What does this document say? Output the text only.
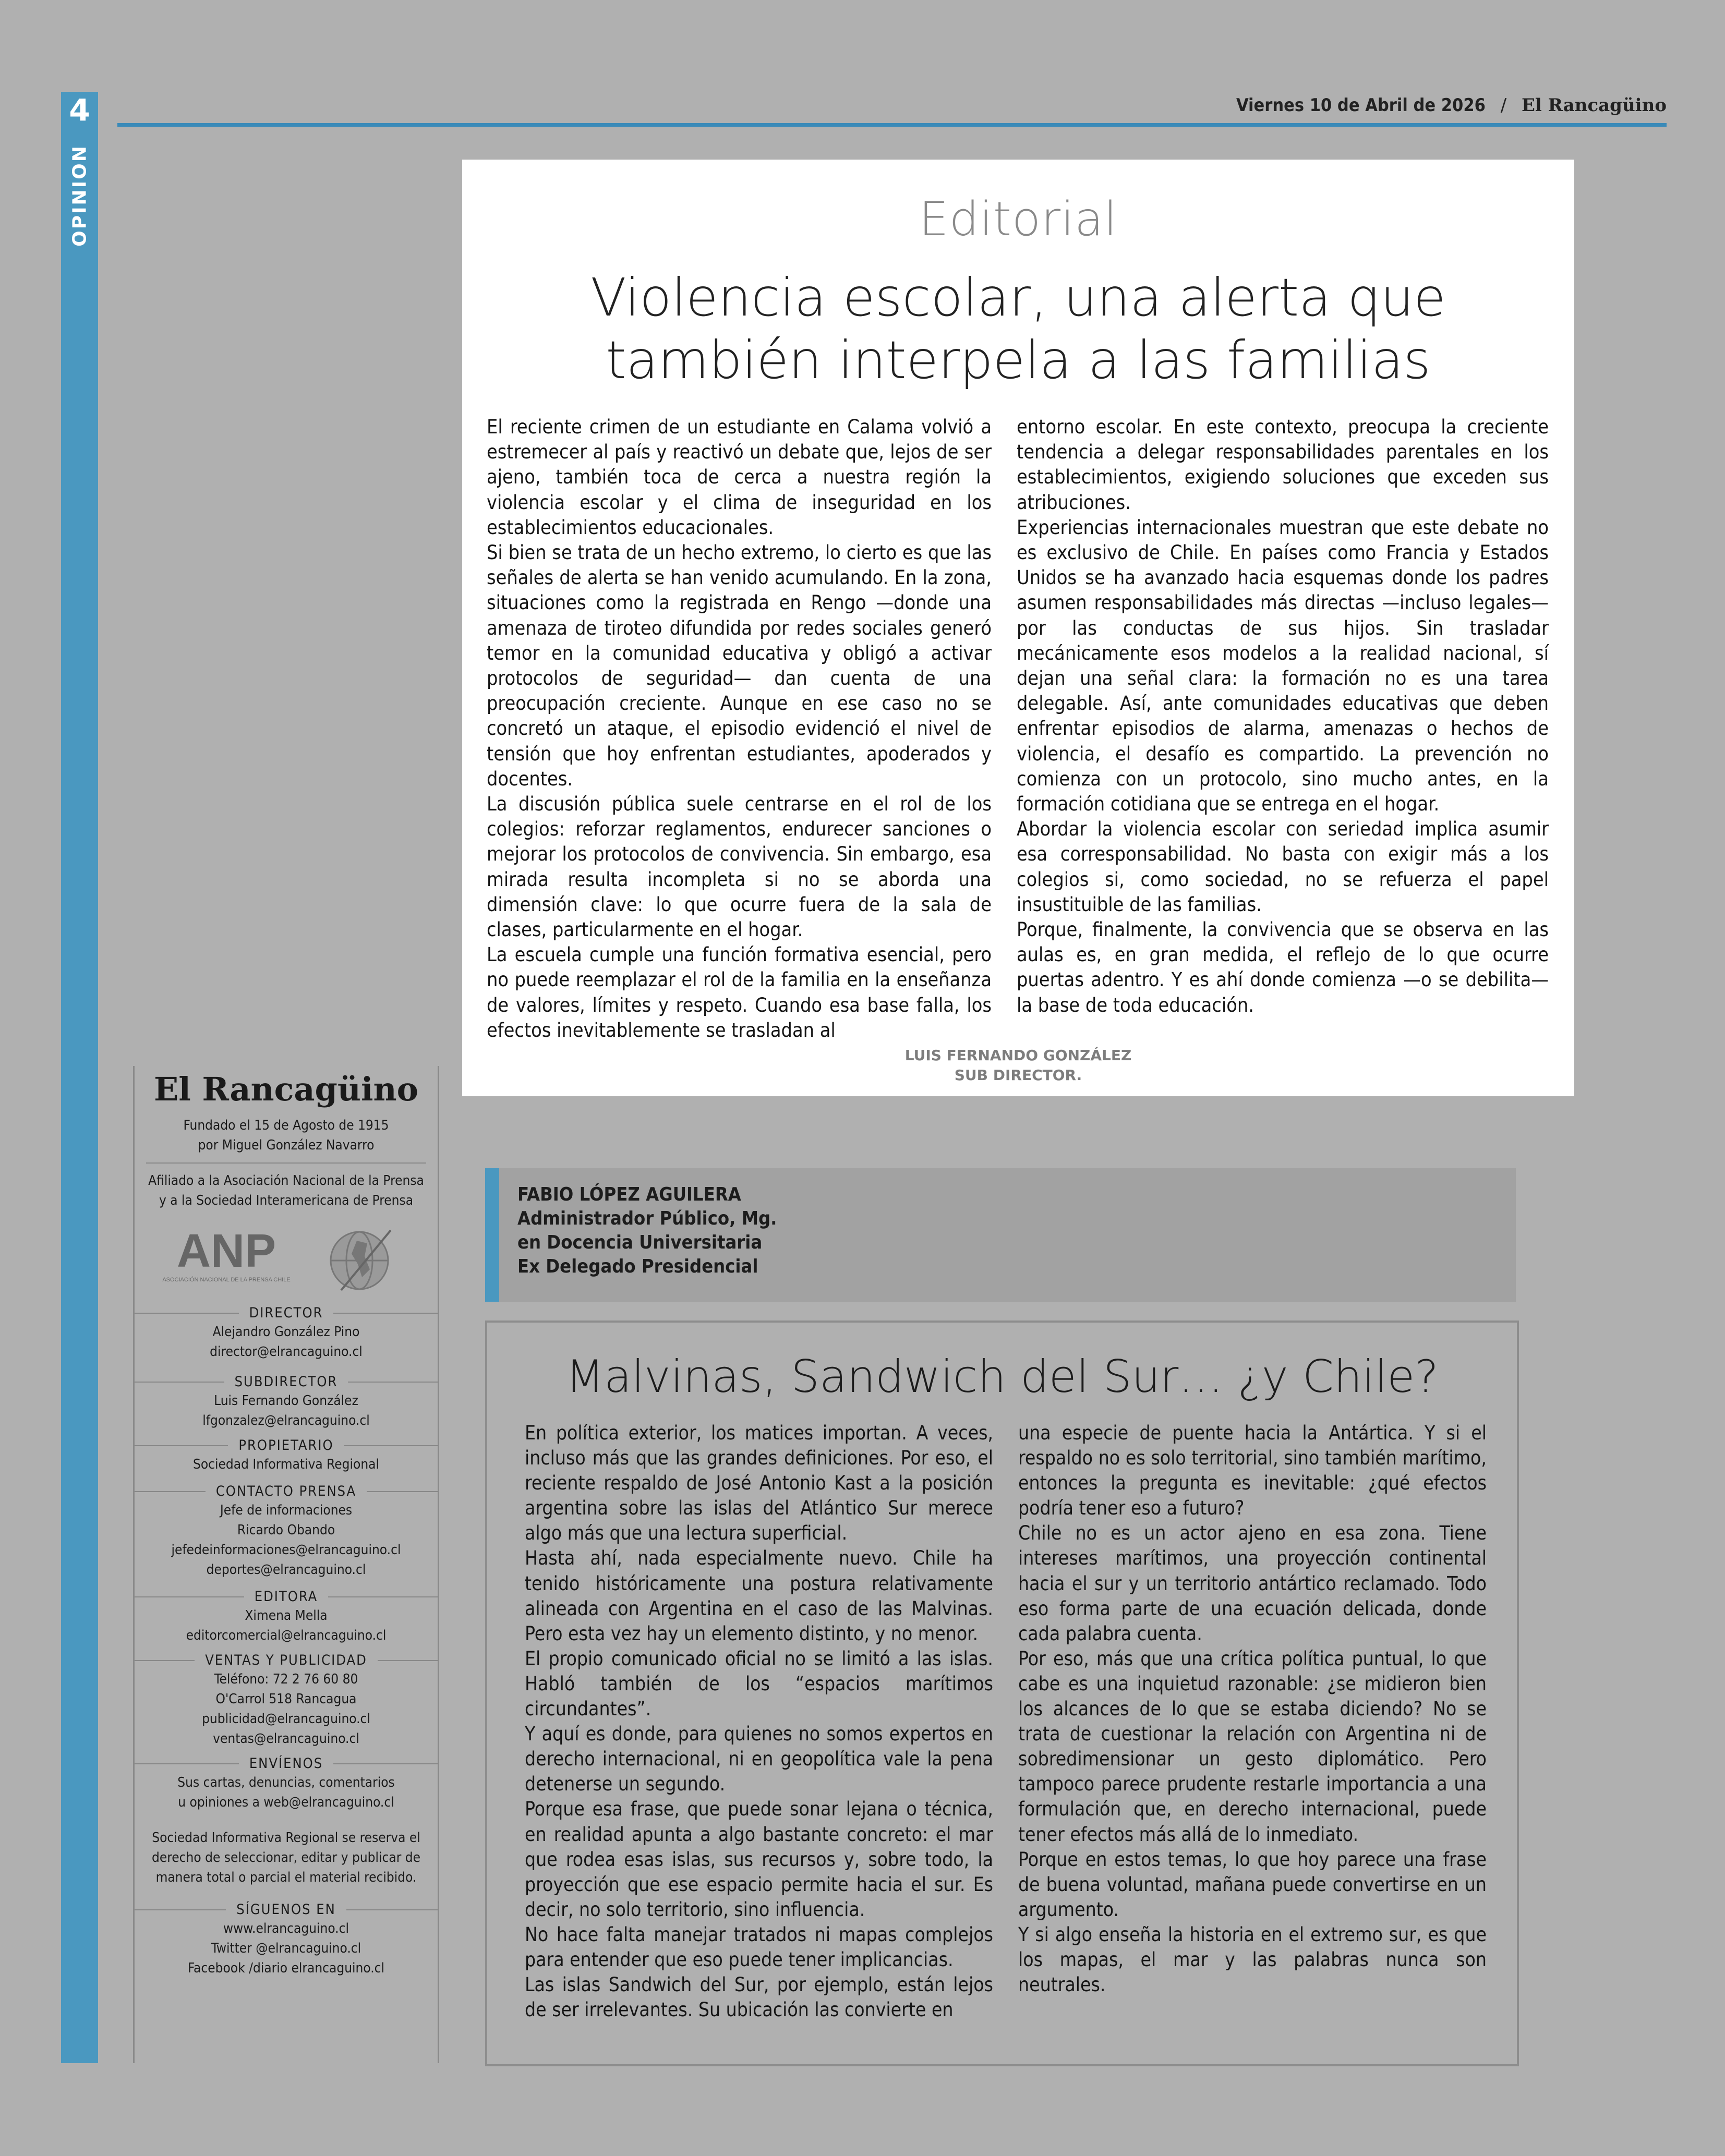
4
OPINION
Viernes 10 de Abril de 2026 / El Rancagüino
Editorial
Violencia escolar, una alerta que
también interpela a las familias

El reciente crimen de un estudiante en Calama volvió a estremecer al país y reactivó un debate que, lejos de ser ajeno, también toca de cerca a nuestra región la violencia escolar y el clima de inseguridad en los establecimientos educacionales.

Si bien se trata de un hecho extremo, lo cierto es que las señales de alerta se han venido acumulando. En la zona, situaciones como la registrada en Rengo —donde una amenaza de tiroteo difundida por redes sociales generó temor en la comunidad educativa y obligó a activar protocolos de seguridad— dan cuenta de una preocupación creciente. Aunque en ese caso no se concretó un ataque, el episodio evidenció el nivel de tensión que hoy enfrentan estudiantes, apoderados y docentes.

La discusión pública suele centrarse en el rol de los colegios: reforzar reglamentos, endurecer sanciones o mejorar los protocolos de convivencia. Sin embargo, esa mirada resulta incompleta si no se aborda una dimensión clave: lo que ocurre fuera de la sala de clases, particularmente en el hogar.

La escuela cumple una función formativa esencial, pero no puede reemplazar el rol de la familia en la enseñanza de valores, límites y respeto. Cuando esa base falla, los efectos inevitablemente se trasladan al

entorno escolar. En este contexto, preocupa la creciente tendencia a delegar responsabilidades parentales en los establecimientos, exigiendo soluciones que exceden sus atribuciones.

Experiencias internacionales muestran que este debate no es exclusivo de Chile. En países como Francia y Estados Unidos se ha avanzado hacia esquemas donde los padres asumen responsabilidades más directas —incluso legales— por las conductas de sus hijos. Sin trasladar mecánicamente esos modelos a la realidad nacional, sí dejan una señal clara: la formación no es una tarea delegable. Así, ante comunidades educativas que deben enfrentar episodios de alarma, amenazas o hechos de violencia, el desafío es compartido. La prevención no comienza con un protocolo, sino mucho antes, en la formación cotidiana que se entrega en el hogar.

Abordar la violencia escolar con seriedad implica asumir esa corresponsabilidad. No basta con exigir más a los colegios si, como sociedad, no se refuerza el papel insustituible de las familias.

Porque, finalmente, la convivencia que se observa en las aulas es, en gran medida, el reflejo de lo que ocurre puertas adentro. Y es ahí donde comienza —o se debilita— la base de toda educación.

LUIS FERNANDO GONZÁLEZ
SUB DIRECTOR.
El Rancagüino
Fundado el 15 de Agosto de 1915
por Miguel González Navarro
Afiliado a la Asociación Nacional de la Prensa
y a la Sociedad Interamericana de Prensa
ANP
ASOCIACIÓN NACIONAL DE LA PRENSA CHILE
DIRECTOR
Alejandro González Pino
director@elrancaguino.cl
SUBDIRECTOR
Luis Fernando González
lfgonzalez@elrancaguino.cl
PROPIETARIO
Sociedad Informativa Regional
CONTACTO PRENSA
Jefe de informaciones
Ricardo Obando
jefedeinformaciones@elrancaguino.cl
deportes@elrancaguino.cl
EDITORA
Ximena Mella
editorcomercial@elrancaguino.cl
VENTAS Y PUBLICIDAD
Teléfono: 72 2 76 60 80
O'Carrol 518 Rancagua
publicidad@elrancaguino.cl
ventas@elrancaguino.cl
ENVÍENOS
Sus cartas, denuncias, comentarios
u opiniones a web@elrancaguino.cl
Sociedad Informativa Regional se reserva el
derecho de seleccionar, editar y publicar de
manera total o parcial el material recibido.
SÍGUENOS EN
www.elrancaguino.cl
Twitter @elrancaguino.cl
Facebook /diario elrancaguino.cl
FABIO LÓPEZ AGUILERA
Administrador Público, Mg.
en Docencia Universitaria
Ex Delegado Presidencial
Malvinas, Sandwich del Sur… ¿y Chile?

En política exterior, los matices importan. A veces, incluso más que las grandes definiciones. Por eso, el reciente respaldo de José Antonio Kast a la posición argentina sobre las islas del Atlántico Sur merece algo más que una lectura superficial.

Hasta ahí, nada especialmente nuevo. Chile ha tenido históricamente una postura relativamente alineada con Argentina en el caso de las Malvinas. Pero esta vez hay un elemento distinto, y no menor.

El propio comunicado oficial no se limitó a las islas. Habló también de los “espacios marítimos circundantes”.

Y aquí es donde, para quienes no somos expertos en derecho internacional, ni en geopolítica vale la pena detenerse un segundo.

Porque esa frase, que puede sonar lejana o técnica, en realidad apunta a algo bastante concreto: el mar que rodea esas islas, sus recursos y, sobre todo, la proyección que ese espacio permite hacia el sur. Es decir, no solo territorio, sino influencia.

No hace falta manejar tratados ni mapas complejos para entender que eso puede tener implicancias.

Las islas Sandwich del Sur, por ejemplo, están lejos de ser irrelevantes. Su ubicación las convierte en

una especie de puente hacia la Antártica. Y si el respaldo no es solo territorial, sino también marítimo, entonces la pregunta es inevitable: ¿qué efectos podría tener eso a futuro?

Chile no es un actor ajeno en esa zona. Tiene intereses marítimos, una proyección continental hacia el sur y un territorio antártico reclamado. Todo eso forma parte de una ecuación delicada, donde cada palabra cuenta.

Por eso, más que una crítica política puntual, lo que cabe es una inquietud razonable: ¿se midieron bien los alcances de lo que se estaba diciendo? No se trata de cuestionar la relación con Argentina ni de sobredimensionar un gesto diplomático. Pero tampoco parece prudente restarle importancia a una formulación que, en derecho internacional, puede tener efectos más allá de lo inmediato.

Porque en estos temas, lo que hoy parece una frase de buena voluntad, mañana puede convertirse en un argumento.

Y si algo enseña la historia en el extremo sur, es que los mapas, el mar y las palabras nunca son neutrales.
